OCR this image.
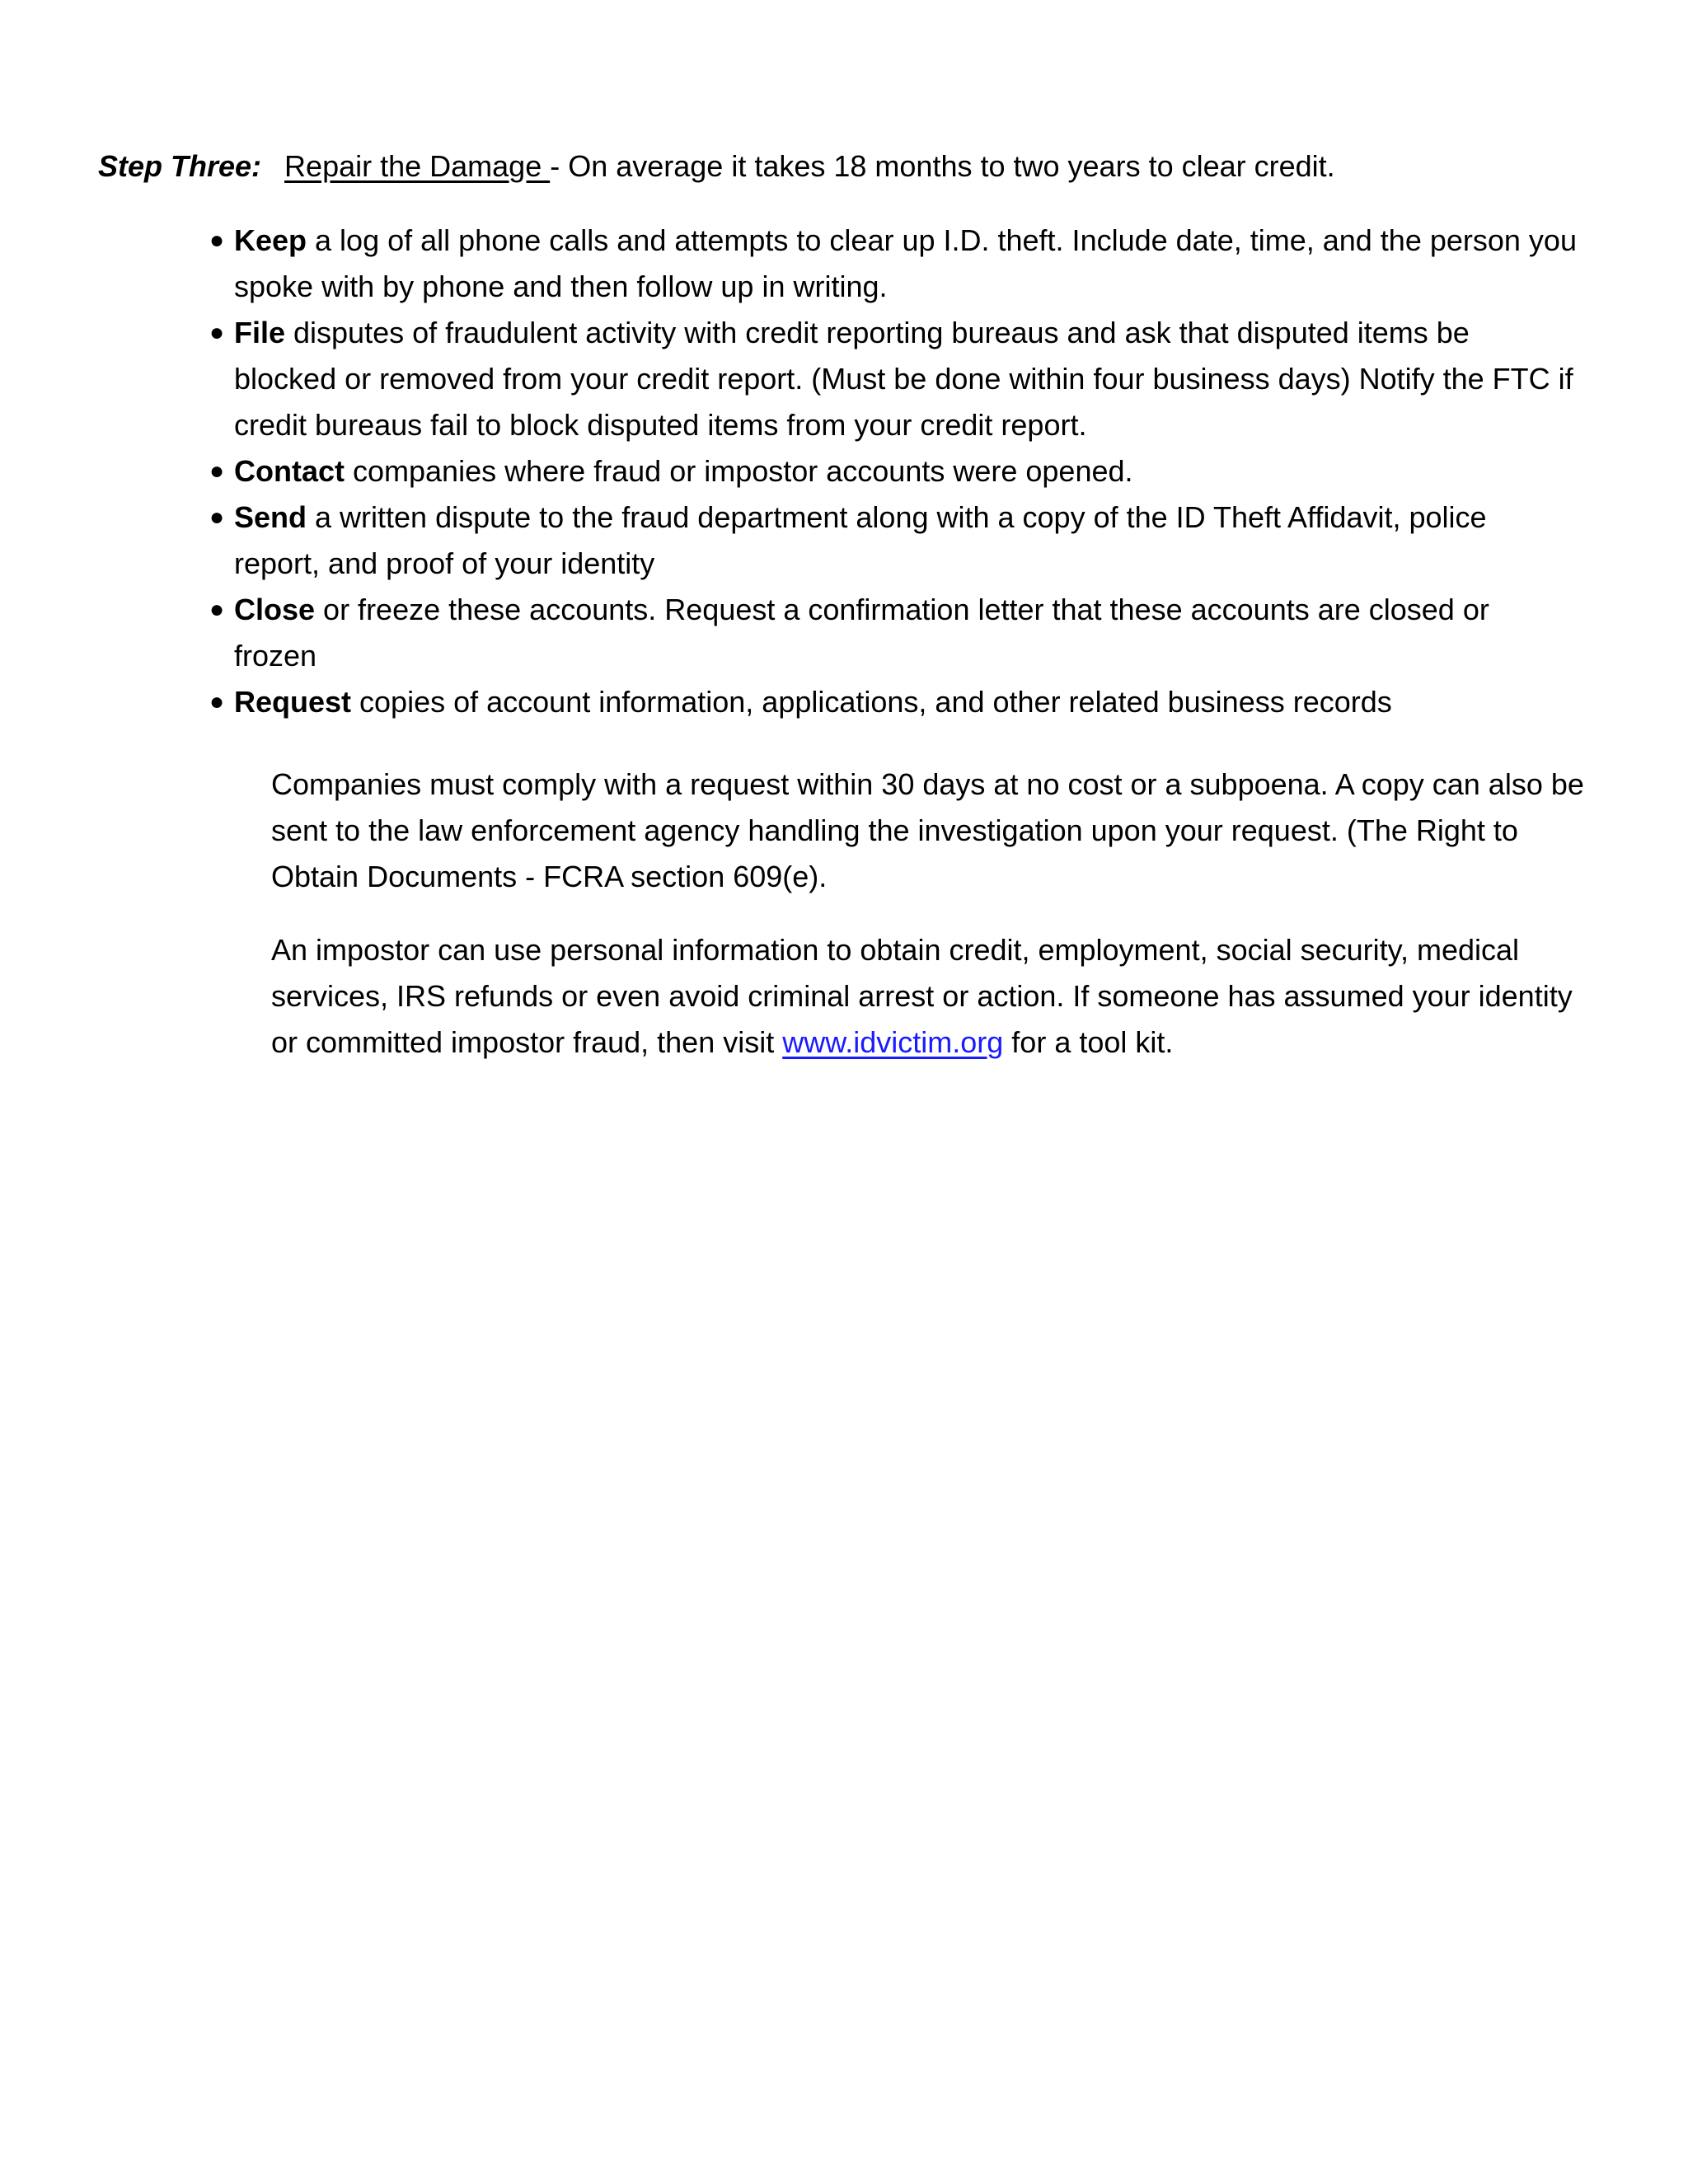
Step Three: Repair the Damage - On average it takes 18 months to two years to clear credit.
● Keep a log of all phone calls and attempts to clear up I.D. theft. Include date, time, and the person you spoke with by phone and then follow up in writing.
● File disputes of fraudulent activity with credit reporting bureaus and ask that disputed items be blocked or removed from your credit report. (Must be done within four business days) Notify the FTC if credit bureaus fail to block disputed items from your credit report.
● Contact companies where fraud or impostor accounts were opened.
● Send a written dispute to the fraud department along with a copy of the ID Theft Affidavit, police report, and proof of your identity
● Close or freeze these accounts. Request a confirmation letter that these accounts are closed or frozen
● Request copies of account information, applications, and other related business records

Companies must comply with a request within 30 days at no cost or a subpoena. A copy can also be sent to the law enforcement agency handling the investigation upon your request. (The Right to Obtain Documents - FCRA section 609(e).

An impostor can use personal information to obtain credit, employment, social security, medical services, IRS refunds or even avoid criminal arrest or action. If someone has assumed your identity or committed impostor fraud, then visit www.idvictim.org for a tool kit.
